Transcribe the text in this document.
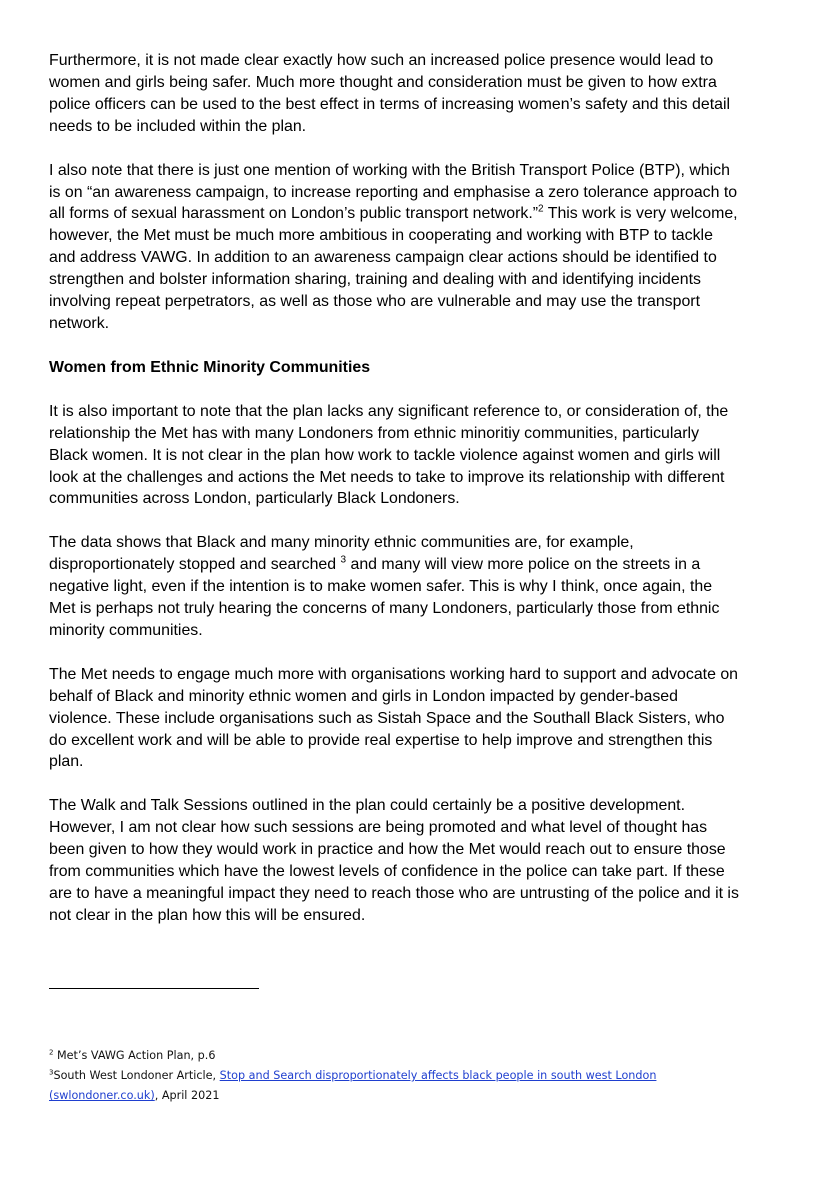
Furthermore, it is not made clear exactly how such an increased police presence would lead to
women and girls being safer. Much more thought and consideration must be given to how extra
police officers can be used to the best effect in terms of increasing women’s safety and this detail
needs to be included within the plan.

I also note that there is just one mention of working with the British Transport Police (BTP), which
is on “an awareness campaign, to increase reporting and emphasise a zero tolerance approach to
all forms of sexual harassment on London’s public transport network.”$^2$ This work is very welcome,
however, the Met must be much more ambitious in cooperating and working with BTP to tackle
and address VAWG. In addition to an awareness campaign clear actions should be identified to
strengthen and bolster information sharing, training and dealing with and identifying incidents
involving repeat perpetrators, as well as those who are vulnerable and may use the transport
network.

Women from Ethnic Minority Communities

It is also important to note that the plan lacks any significant reference to, or consideration of, the
relationship the Met has with many Londoners from ethnic minoritiy communities, particularly
Black women. It is not clear in the plan how work to tackle violence against women and girls will
look at the challenges and actions the Met needs to take to improve its relationship with different
communities across London, particularly Black Londoners.

The data shows that Black and many minority ethnic communities are, for example,
disproportionately stopped and searched $^3$ and many will view more police on the streets in a
negative light, even if the intention is to make women safer. This is why I think, once again, the
Met is perhaps not truly hearing the concerns of many Londoners, particularly those from ethnic
minority communities.

The Met needs to engage much more with organisations working hard to support and advocate on
behalf of Black and minority ethnic women and girls in London impacted by gender-based
violence. These include organisations such as Sistah Space and the Southall Black Sisters, who
do excellent work and will be able to provide real expertise to help improve and strengthen this
plan.

The Walk and Talk Sessions outlined in the plan could certainly be a positive development.
However, I am not clear how such sessions are being promoted and what level of thought has
been given to how they would work in practice and how the Met would reach out to ensure those
from communities which have the lowest levels of confidence in the police can take part. If these
are to have a meaningful impact they need to reach those who are untrusting of the police and it is
not clear in the plan how this will be ensured.

$^2$ Met’s VAWG Action Plan, p.6
$^3$South West Londoner Article, Stop and Search disproportionately affects black people in south west London
(swlondoner.co.uk), April 2021
